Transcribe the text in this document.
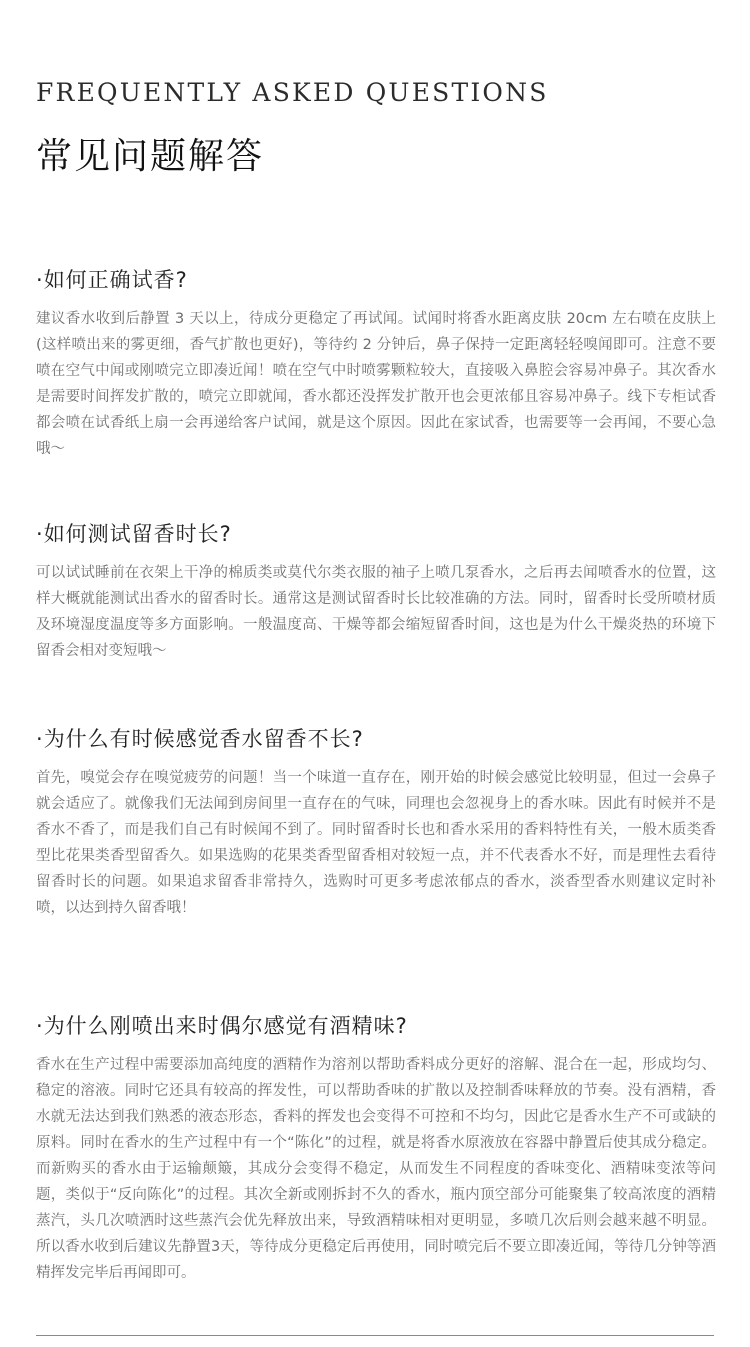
FREQUENTLY ASKED QUESTIONS
常见问题解答
·如何正确试香?

建议香水收到后静置 3 天以上，待成分更稳定了再试闻。试闻时将香水距离皮肤 20cm 左右喷在皮肤上(这样喷出来的雾更细，香气扩散也更好)，等待约 2 分钟后，鼻子保持一定距离轻轻嗅闻即可。注意不要喷在空气中闻或刚喷完立即凑近闻！喷在空气中时喷雾颗粒较大，直接吸入鼻腔会容易冲鼻子。其次香水是需要时间挥发扩散的，喷完立即就闻，香水都还没挥发扩散开也会更浓郁且容易冲鼻子。线下专柜试香都会喷在试香纸上扇一会再递给客户试闻，就是这个原因。因此在家试香，也需要等一会再闻，不要心急哦～

·如何测试留香时长?

可以试试睡前在衣架上干净的棉质类或莫代尔类衣服的袖子上喷几泵香水，之后再去闻喷香水的位置，这样大概就能测试出香水的留香时长。通常这是测试留香时长比较准确的方法。同时，留香时长受所喷材质及环境湿度温度等多方面影响。一般温度高、干燥等都会缩短留香时间，这也是为什么干燥炎热的环境下留香会相对变短哦～

·为什么有时候感觉香水留香不长?

首先，嗅觉会存在嗅觉疲劳的问题！当一个味道一直存在，刚开始的时候会感觉比较明显，但过一会鼻子就会适应了。就像我们无法闻到房间里一直存在的气味，同理也会忽视身上的香水味。因此有时候并不是香水不香了，而是我们自己有时候闻不到了。同时留香时长也和香水采用的香料特性有关，一般木质类香型比花果类香型留香久。如果选购的花果类香型留香相对较短一点，并不代表香水不好，而是理性去看待留香时长的问题。如果追求留香非常持久，选购时可更多考虑浓郁点的香水，淡香型香水则建议定时补喷，以达到持久留香哦！

·为什么刚喷出来时偶尔感觉有酒精味?

香水在生产过程中需要添加高纯度的酒精作为溶剂以帮助香料成分更好的溶解、混合在一起，形成均匀、稳定的溶液。同时它还具有较高的挥发性，可以帮助香味的扩散以及控制香味释放的节奏。没有酒精，香水就无法达到我们熟悉的液态形态，香料的挥发也会变得不可控和不均匀，因此它是香水生产不可或缺的原料。同时在香水的生产过程中有一个“陈化”的过程，就是将香水原液放在容器中静置后使其成分稳定。而新购买的香水由于运输颠簸，其成分会变得不稳定，从而发生不同程度的香味变化、酒精味变浓等问题，类似于“反向陈化”的过程。其次全新或刚拆封不久的香水，瓶内顶空部分可能聚集了较高浓度的酒精蒸汽，头几次喷洒时这些蒸汽会优先释放出来，导致酒精味相对更明显，多喷几次后则会越来越不明显。所以香水收到后建议先静置3天，等待成分更稳定后再使用，同时喷完后不要立即凑近闻，等待几分钟等酒精挥发完毕后再闻即可。
